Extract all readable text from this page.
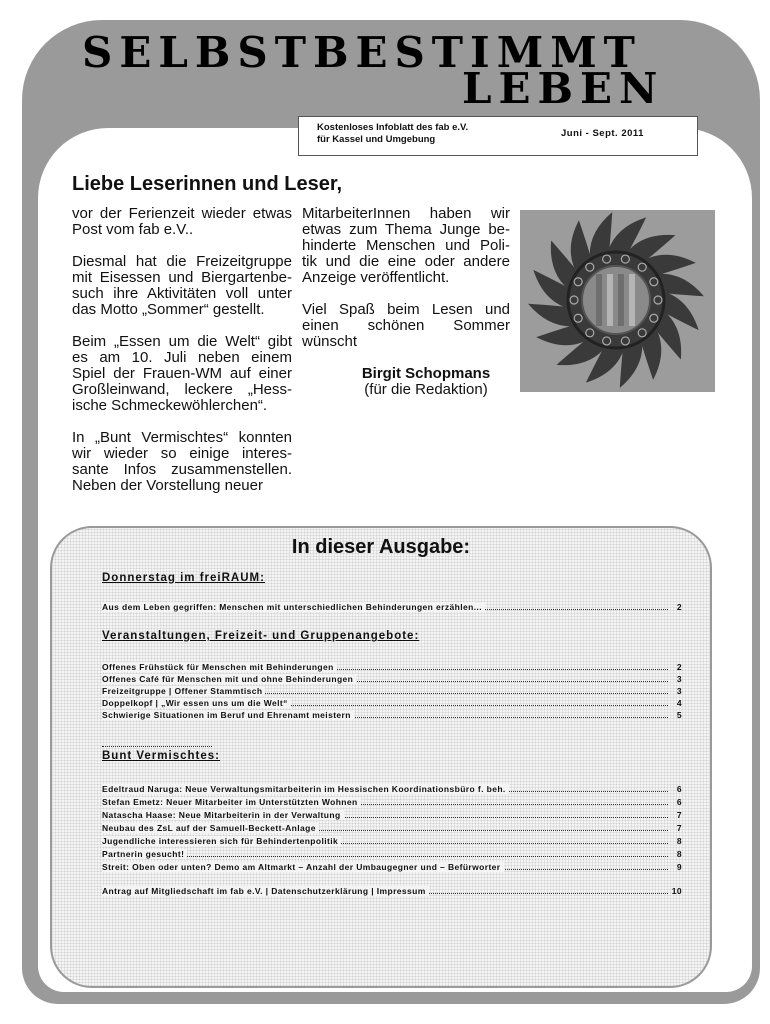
SELBSTBESTIMMT
LEBEN
Kostenloses Infoblatt des fab e.V.
für Kassel und Umgebung
Juni - Sept. 2011
Liebe Leserinnen und Leser,

vor der Ferienzeit wieder etwas Post vom fab e.V..

Diesmal hat die Freizeitgruppe mit Eisessen und Biergartenbe- such ihre Aktivitäten voll unter das Motto „Sommer“ gestellt.

Beim „Essen um die Welt“ gibt es am 10. Juli neben einem Spiel der Frauen-WM auf einer Großleinwand, leckere „Hess- ische Schmeckewöhlerchen“.

In „Bunt Vermischtes“ konnten wir wieder so einige interes- sante Infos zusammenstellen. Neben der Vorstellung neuer

MitarbeiterInnen haben wir etwas zum Thema Junge be- hinderte Menschen und Poli- tik und die eine oder andere Anzeige veröffentlicht.

Viel Spaß beim Lesen und einen schönen Sommer wünscht

Birgit Schopmans

(für die Redaktion)

In dieser Ausgabe:
Donnerstag im freiRAUM:
Aus dem Leben gegriffen: Menschen mit unterschiedlichen Behinderungen erzählen...	2
Veranstaltungen, Freizeit- und Gruppenangebote:
Offenes Frühstück für Menschen mit Behinderungen	2
Offenes Café für Menschen mit und ohne Behinderungen	3
Freizeitgruppe | Offener Stammtisch	3
Doppelkopf | „Wir essen uns um die Welt“	4
Schwierige Situationen im Beruf und Ehrenamt meistern	5
Bunt Vermischtes:
Edeltraud Naruga: Neue Verwaltungsmitarbeiterin im Hessischen Koordinationsbüro f. beh.	6
Stefan Emetz: Neuer Mitarbeiter im Unterstützten Wohnen	6
Natascha Haase: Neue Mitarbeiterin in der Verwaltung	7
Neubau des ZsL auf der Samuell-Beckett-Anlage	7
Jugendliche interessieren sich für Behindertenpolitik	8
Partnerin gesucht!	8
Streit: Oben oder unten? Demo am Altmarkt – Anzahl der Umbaugegner und – Befürworter	9
Antrag auf Mitgliedschaft im fab e.V. | Datenschutzerklärung | Impressum	10
